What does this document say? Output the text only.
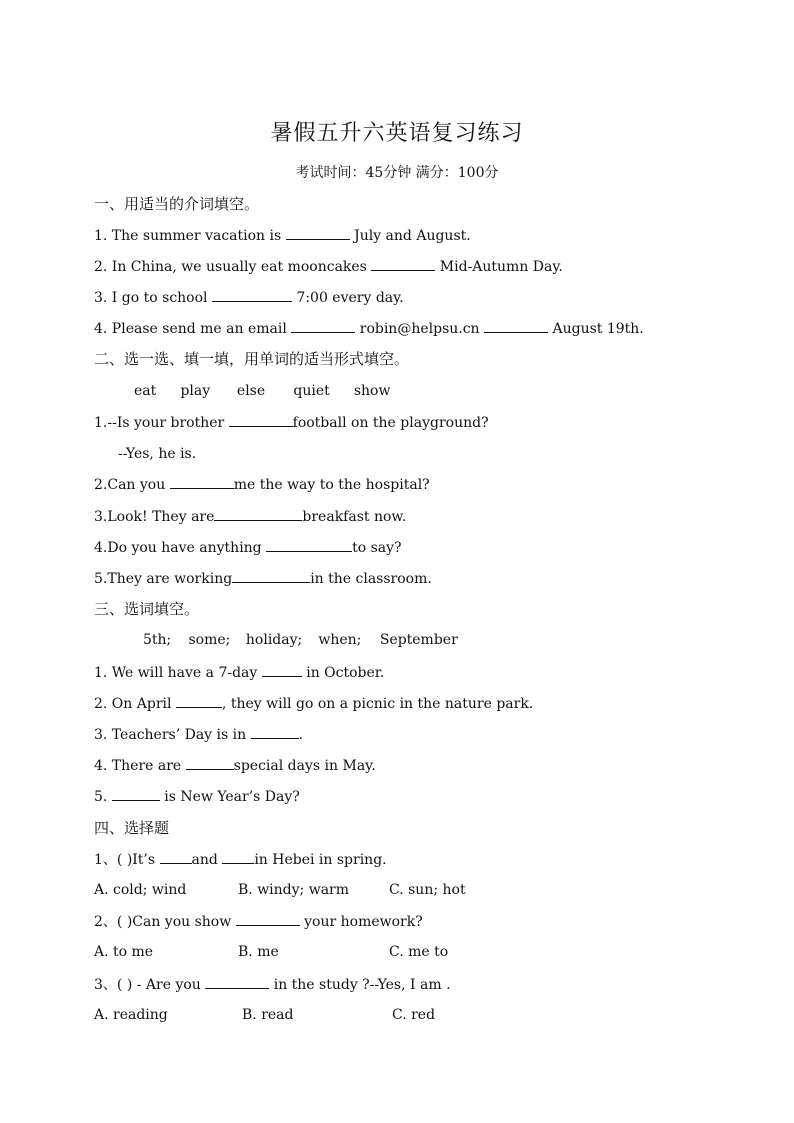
暑假五升六英语复习练习
考试时间：45分钟 满分：100分
一、用适当的介词填空。
1. The summer vacation is	July and August.
2. In China, we usually eat mooncakes	Mid-Autumn Day.
3. I go to school	7:00 every day.
4. Please send me an email	robin@helpsu.cn	August 19th.
二、选一选、填一填，用单词的适当形式填空。
eat play else quiet show
1.--Is your brother	football on the playground?
--Yes, he is.
2.Can you	me the way to the hospital?
3.Look! They are	breakfast now.
4.Do you have anything	to say?
5.They are working	in the classroom.
三、选词填空。
5th; some; holiday; when; September
1. We will have a 7-day	in October.
2. On April	, they will go on a picnic in the nature park.
3. Teachers’ Day is in	.
4. There are	special days in May.
5.	is New Year’s Day?
四、选择题
1、( )It’s and in Hebei in spring.
A. cold; wind	B. windy; warm	C. sun; hot
2、( )Can you show	your homework?
A. to me	B. me	C. me to
3、( ) - Are you	in the study ?--Yes, I am .
A. reading	B. read	C. red
